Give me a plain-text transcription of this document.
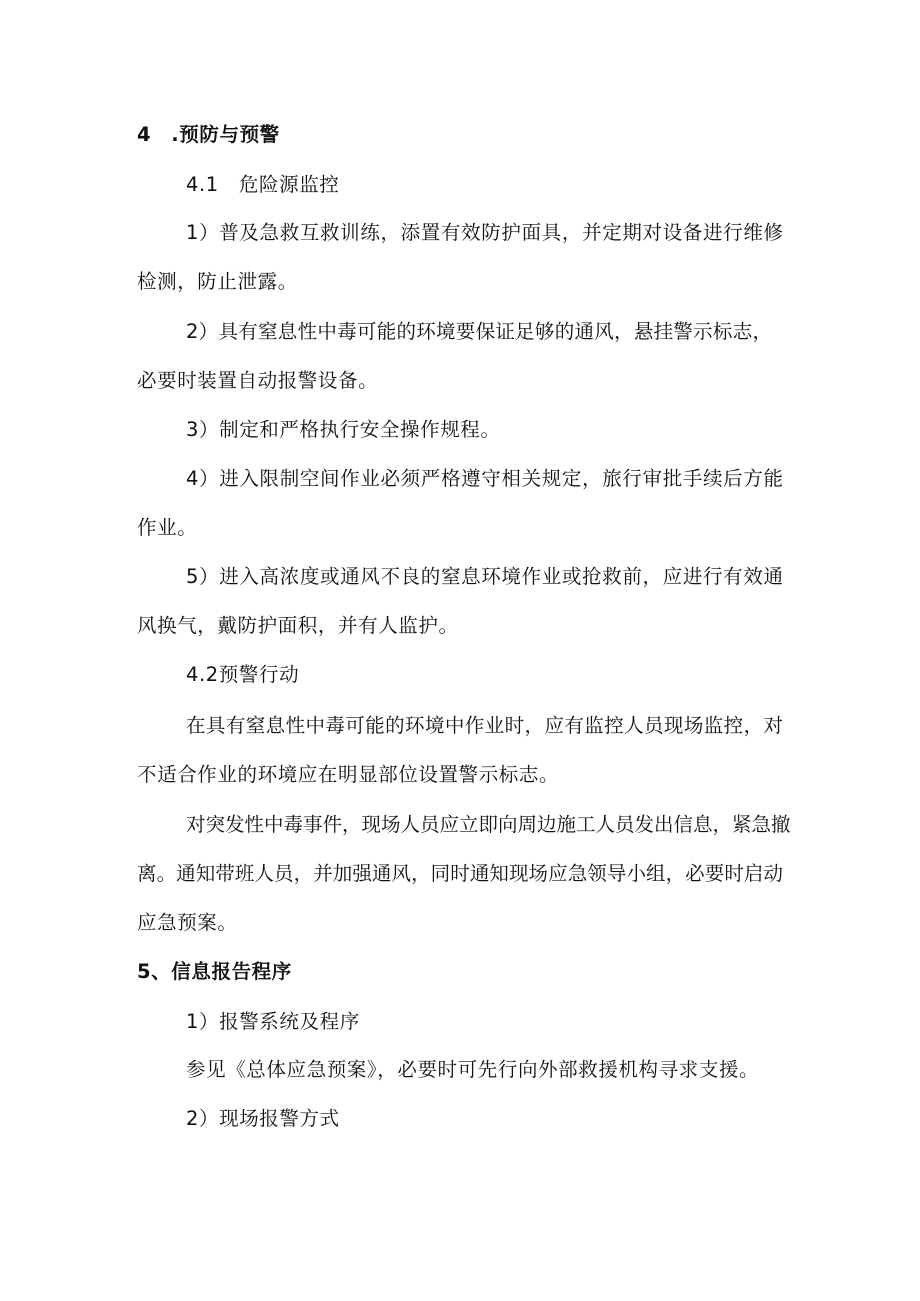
4　.预防与预警
4.1　危险源监控
1）普及急救互救训练，添置有效防护面具，并定期对设备进行维修
检测，防止泄露。
2）具有窒息性中毒可能的环境要保证足够的通风，悬挂警示标志，
必要时装置自动报警设备。
3）制定和严格执行安全操作规程。
4）进入限制空间作业必须严格遵守相关规定，旅行审批手续后方能
作业。
5）进入高浓度或通风不良的窒息环境作业或抢救前，应进行有效通
风换气，戴防护面积，并有人监护。
4.2预警行动
在具有窒息性中毒可能的环境中作业时，应有监控人员现场监控，对
不适合作业的环境应在明显部位设置警示标志。
对突发性中毒事件，现场人员应立即向周边施工人员发出信息，紧急撤
离。通知带班人员，并加强通风，同时通知现场应急领导小组，必要时启动
应急预案。
5、信息报告程序
1）报警系统及程序
参见《总体应急预案》，必要时可先行向外部救援机构寻求支援。
2）现场报警方式
